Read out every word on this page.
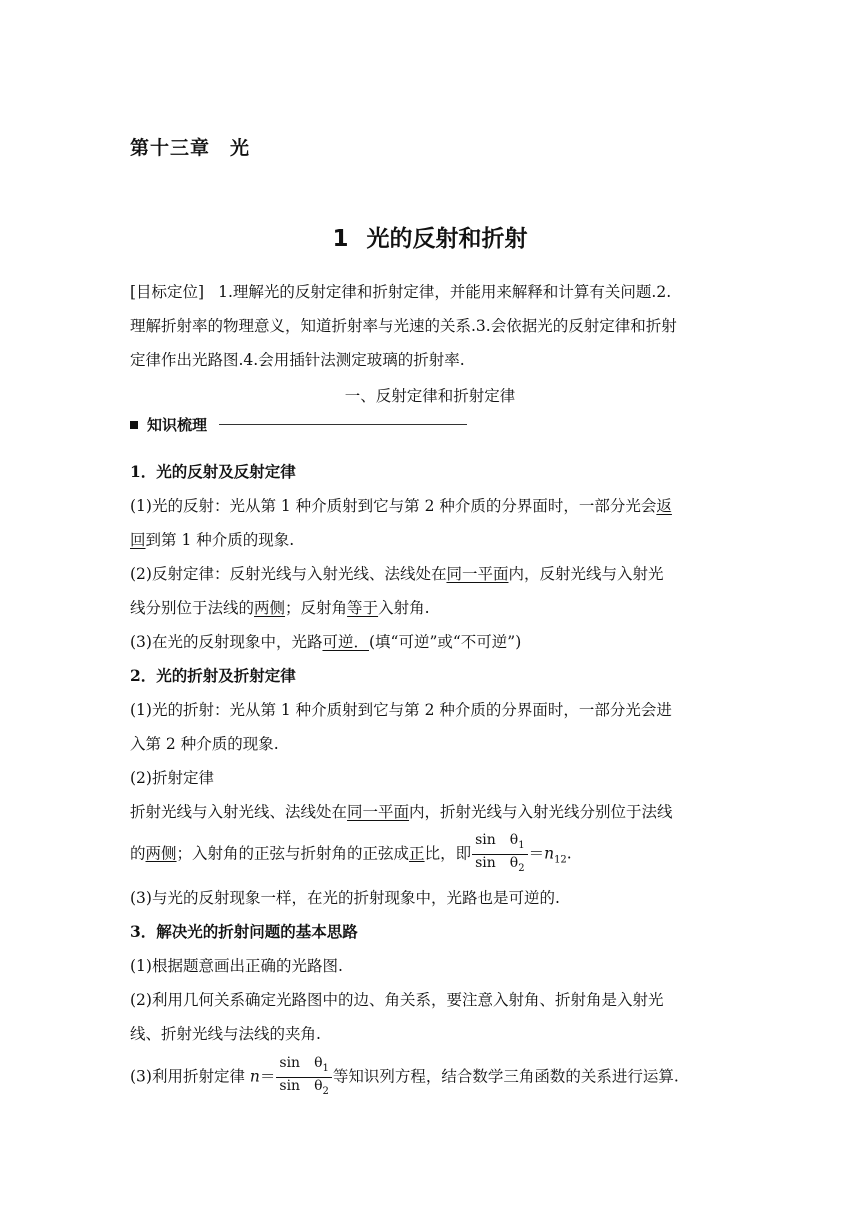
第十三章　光
1 光的反射和折射
[目标定位] 1.理解光的反射定律和折射定律，并能用来解释和计算有关问题.2.
理解折射率的物理意义，知道折射率与光速的关系.3.会依据光的反射定律和折射
定律作出光路图.4.会用插针法测定玻璃的折射率.
一、反射定律和折射定律
知识梳理
1．光的反射及反射定律
(1)光的反射：光从第 1 种介质射到它与第 2 种介质的分界面时，一部分光会返
回到第 1 种介质的现象.
(2)反射定律：反射光线与入射光线、法线处在同一平面内，反射光线与入射光
线分别位于法线的两侧；反射角等于入射角.
(3)在光的反射现象中，光路可逆．(填“可逆”或“不可逆”)
2．光的折射及折射定律
(1)光的折射：光从第 1 种介质射到它与第 2 种介质的分界面时，一部分光会进
入第 2 种介质的现象.
(2)折射定律
折射光线与入射光线、法线处在同一平面内，折射光线与入射光线分别位于法线
的两侧；入射角的正弦与折射角的正弦成正比，即 $\frac{\sin \theta_1}{\sin \theta_2} =n_{12}$.
(3)与光的反射现象一样，在光的折射现象中，光路也是可逆的.
3．解决光的折射问题的基本思路
(1)根据题意画出正确的光路图.
(2)利用几何关系确定光路图中的边、角关系，要注意入射角、折射角是入射光
线、折射光线与法线的夹角.
(3)利用折射定律 $n= \frac{\sin \theta_1}{\sin \theta_2}$ 等知识列方程，结合数学三角函数的关系进行运算.
